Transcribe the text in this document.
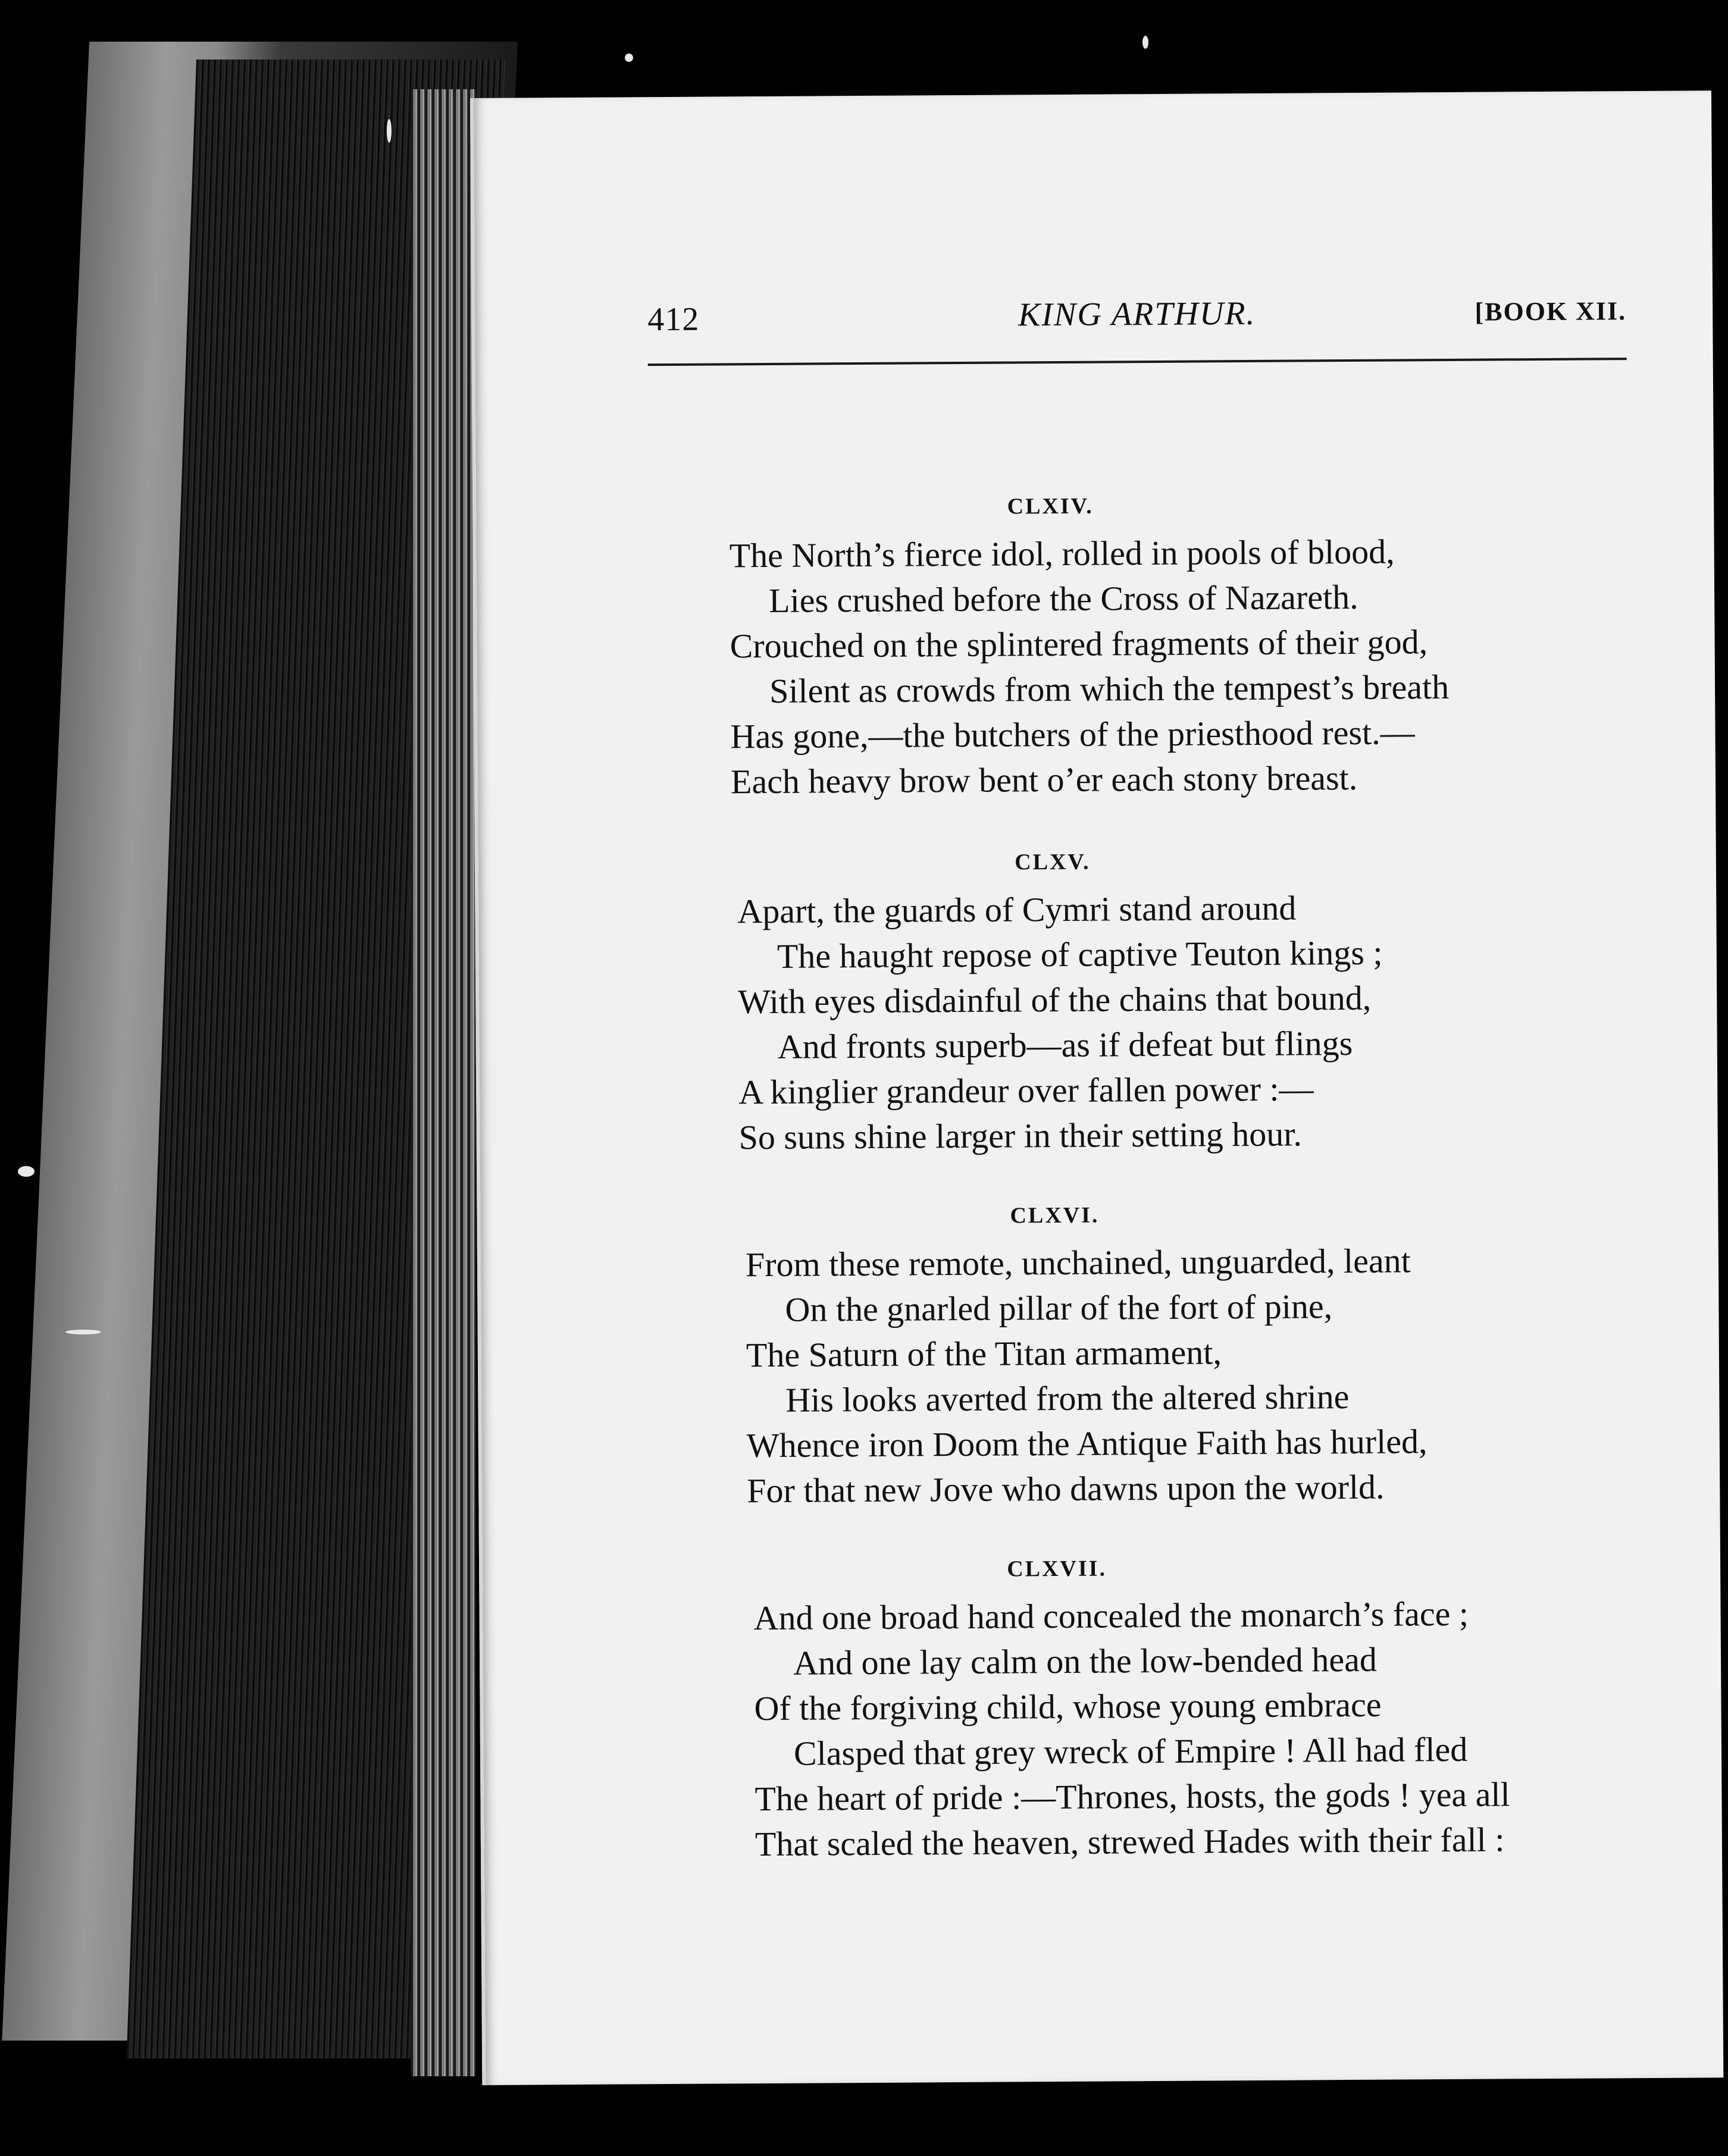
412	KING ARTHUR.	[BOOK XII.
CLXIV.
The North’s fierce idol, rolled in pools of blood,
Lies crushed before the Cross of Nazareth.
Crouched on the splintered fragments of their god,
Silent as crowds from which the tempest’s breath
Has gone,—the butchers of the priesthood rest.—
Each heavy brow bent o’er each stony breast.
CLXV.
Apart, the guards of Cymri stand around
The haught repose of captive Teuton kings ;
With eyes disdainful of the chains that bound,
And fronts superb—as if defeat but flings
A kinglier grandeur over fallen power :—
So suns shine larger in their setting hour.
CLXVI.
From these remote, unchained, unguarded, leant
On the gnarled pillar of the fort of pine,
The Saturn of the Titan armament,
His looks averted from the altered shrine
Whence iron Doom the Antique Faith has hurled,
For that new Jove who dawns upon the world.
CLXVII.
And one broad hand concealed the monarch’s face ;
And one lay calm on the low-bended head
Of the forgiving child, whose young embrace
Clasped that grey wreck of Empire ! All had fled
The heart of pride :—Thrones, hosts, the gods ! yea all
That scaled the heaven, strewed Hades with their fall :
